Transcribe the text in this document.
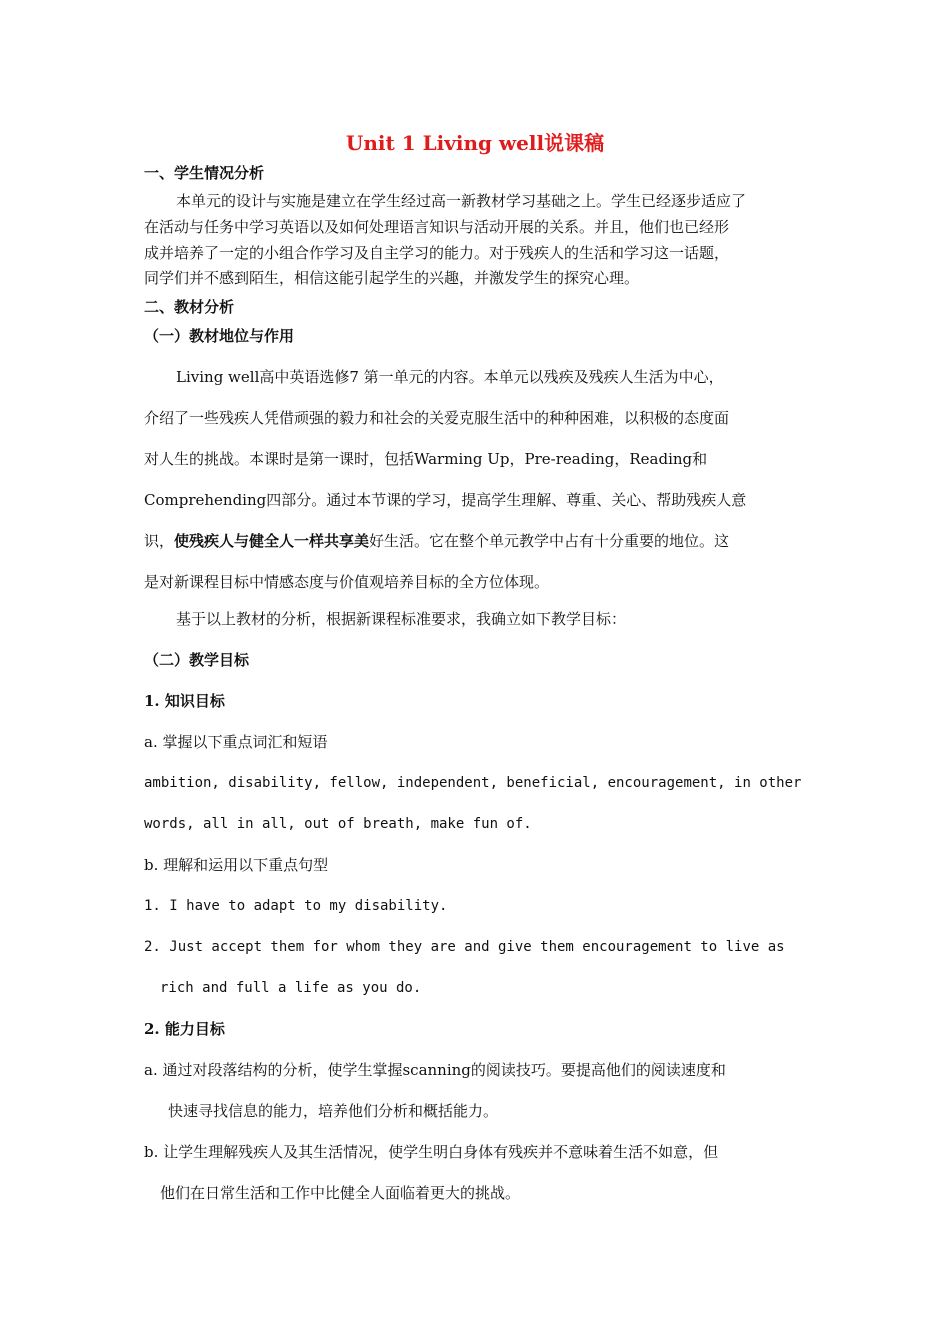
Unit 1 Living well说课稿
一、学生情况分析
本单元的设计与实施是建立在学生经过高一新教材学习基础之上。学生已经逐步适应了
在活动与任务中学习英语以及如何处理语言知识与活动开展的关系。并且，他们也已经形
成并培养了一定的小组合作学习及自主学习的能力。对于残疾人的生活和学习这一话题，
同学们并不感到陌生，相信这能引起学生的兴趣，并激发学生的探究心理。
二、教材分析
（一）教材地位与作用
Living well高中英语选修7 第一单元的内容。本单元以残疾及残疾人生活为中心，
介绍了一些残疾人凭借顽强的毅力和社会的关爱克服生活中的种种困难，以积极的态度面
对人生的挑战。本课时是第一课时，包括Warming Up，Pre-reading，Reading和
Comprehending四部分。通过本节课的学习，提高学生理解、尊重、关心、帮助残疾人意
识，使残疾人与健全人一样共享美好生活。它在整个单元教学中占有十分重要的地位。这
是对新课程目标中情感态度与价值观培养目标的全方位体现。
基于以上教材的分析，根据新课程标准要求，我确立如下教学目标：
（二）教学目标
1. 知识目标
a. 掌握以下重点词汇和短语
ambition, disability, fellow, independent, beneficial, encouragement, in other
words, all in all, out of breath, make fun of.
b. 理解和运用以下重点句型
1. I have to adapt to my disability.
2. Just accept them for whom they are and give them encouragement to live as
rich and full a life as you do.
2. 能力目标
a. 通过对段落结构的分析，使学生掌握scanning的阅读技巧。要提高他们的阅读速度和
快速寻找信息的能力，培养他们分析和概括能力。
b. 让学生理解残疾人及其生活情况，使学生明白身体有残疾并不意味着生活不如意，但
他们在日常生活和工作中比健全人面临着更大的挑战。
